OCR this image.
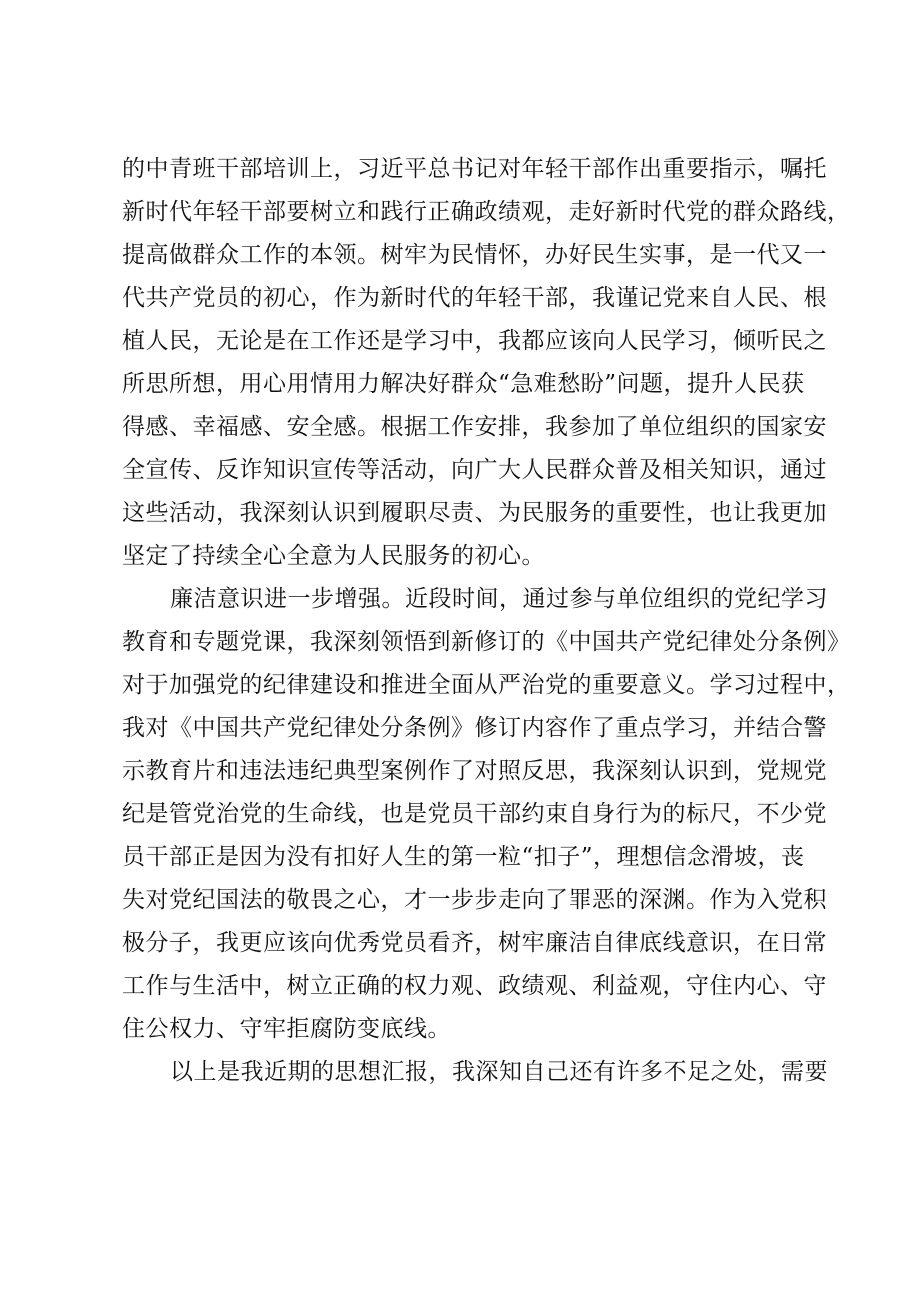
的中青班干部培训上，习近平总书记对年轻干部作出重要指示，嘱托
新时代年轻干部要树立和践行正确政绩观，走好新时代党的群众路线，
提高做群众工作的本领。树牢为民情怀，办好民生实事，是一代又一
代共产党员的初心，作为新时代的年轻干部，我谨记党来自人民、根
植人民，无论是在工作还是学习中，我都应该向人民学习，倾听民之
所思所想，用心用情用力解决好群众“急难愁盼”问题，提升人民获
得感、幸福感、安全感。根据工作安排，我参加了单位组织的国家安
全宣传、反诈知识宣传等活动，向广大人民群众普及相关知识，通过
这些活动，我深刻认识到履职尽责、为民服务的重要性，也让我更加
坚定了持续全心全意为人民服务的初心。
廉洁意识进一步增强。近段时间，通过参与单位组织的党纪学习
教育和专题党课，我深刻领悟到新修订的《中国共产党纪律处分条例》
对于加强党的纪律建设和推进全面从严治党的重要意义。学习过程中，
我对《中国共产党纪律处分条例》修订内容作了重点学习，并结合警
示教育片和违法违纪典型案例作了对照反思，我深刻认识到，党规党
纪是管党治党的生命线，也是党员干部约束自身行为的标尺，不少党
员干部正是因为没有扣好人生的第一粒“扣子”，理想信念滑坡，丧
失对党纪国法的敬畏之心，才一步步走向了罪恶的深渊。作为入党积
极分子，我更应该向优秀党员看齐，树牢廉洁自律底线意识，在日常
工作与生活中，树立正确的权力观、政绩观、利益观，守住内心、守
住公权力、守牢拒腐防变底线。
以上是我近期的思想汇报，我深知自己还有许多不足之处，需要
